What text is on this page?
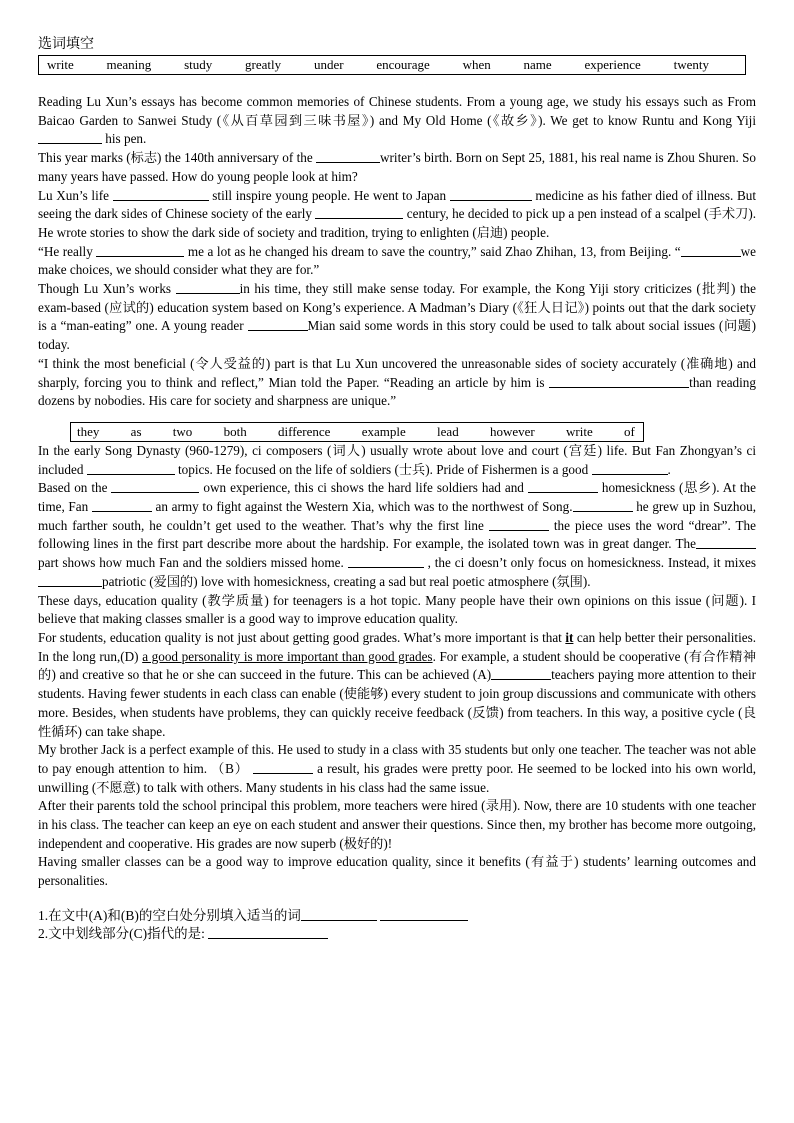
选词填空
write	meaning	study	greatly	under	encourage	when	name	experience	twenty

Reading Lu Xun’s essays has become common memories of Chinese students. From a young age, we study his essays such as From Baicao Garden to Sanwei Study (《从百草园到三味书屋》) and My Old Home (《故乡》). We get to know Runtu and Kong Yiji  his pen.

This year marks (标志) the 140th anniversary of the	writer’s birth. Born on Sept 25, 1881, his real name is Zhou Shuren. So many years have passed. How do young people look at him?

Lu Xun’s life	still inspire young people. He went to Japan	medicine as his father died of illness. But seeing the dark sides of Chinese society of the early	century, he decided to pick up a pen instead of a scalpel (手术刀). He wrote stories to show the dark side of society and tradition, trying to enlighten (启迪) people.

“He really	me a lot as he changed his dream to save the country,” said Zhao Zhihan, 13, from Beijing. “	we make choices, we should consider what they are for.”

Though Lu Xun’s works	in his time, they still make sense today. For example, the Kong Yiji story criticizes (批判) the exam-based (应试的) education system based on Kong’s experience. A Madman’s Diary (《狂人日记》) points out that the dark society is a “man-eating” one. A young reader	Mian said some words in this story could be used to talk about social issues (问题) today.

“I think the most beneficial (令人受益的) part is that Lu Xun uncovered the unreasonable sides of society accurately (准确地) and sharply, forcing you to think and reflect,” Mian told the Paper. “Reading an article by him is	than reading dozens by nobodies. His care for society and sharpness are unique.”

they as two both difference example lead however write of

In the early Song Dynasty (960-1279), ci composers (词人) usually wrote about love and court (宫廷) life. But Fan Zhongyan’s ci included	topics. He focused on the life of soldiers (士兵). Pride of Fishermen is a good	.

Based on the	own experience, this ci shows the hard life soldiers had and	homesickness (思乡). At the time, Fan	an army to fight against the Western Xia, which was to the northwest of Song.	he grew up in Suzhou, much farther south, he couldn’t get used to the weather. That’s why the first line	the piece uses the word “drear”. The following lines in the first part describe more about the hardship. For example, the isolated town was in great danger. The part shows how much Fan and the soldiers missed home.	, the ci doesn’t only focus on homesickness. Instead, it mixes patriotic (爱国的) love with homesickness, creating a sad but real poetic atmosphere (氛围).

These days, education quality (教学质量) for teenagers is a hot topic. Many people have their own opinions on this issue (问题). I believe that making classes smaller is a good way to improve education quality.

For students, education quality is not just about getting good grades. What’s more important is that it can help better their personalities. In the long run,(D) a good personality is more important than good grades. For example, a student should be cooperative (有合作精神的) and creative so that he or she can succeed in the future. This can be achieved (A)	teachers paying more attention to their students. Having fewer students in each class can enable (使能够) every student to join group discussions and communicate with others more. Besides, when students have problems, they can quickly receive feedback (反馈) from teachers. In this way, a positive cycle (良性循环) can take shape.

My brother Jack is a perfect example of this. He used to study in a class with 35 students but only one teacher. The teacher was not able to pay enough attention to him. （B）	a result, his grades were pretty poor. He seemed to be locked into his own world, unwilling (不愿意) to talk with others. Many students in his class had the same issue.

After their parents told the school principal this problem, more teachers were hired (录用). Now, there are 10 students with one teacher in his class. The teacher can keep an eye on each student and answer their questions. Since then, my brother has become more outgoing, independent and cooperative. His grades are now superb (极好的)!

Having smaller classes can be a good way to improve education quality, since it benefits (有益于) students’ learning outcomes and personalities.

1.在文中(A)和(B)的空白处分别填入适当的词
2.文中划线部分(C)指代的是:
